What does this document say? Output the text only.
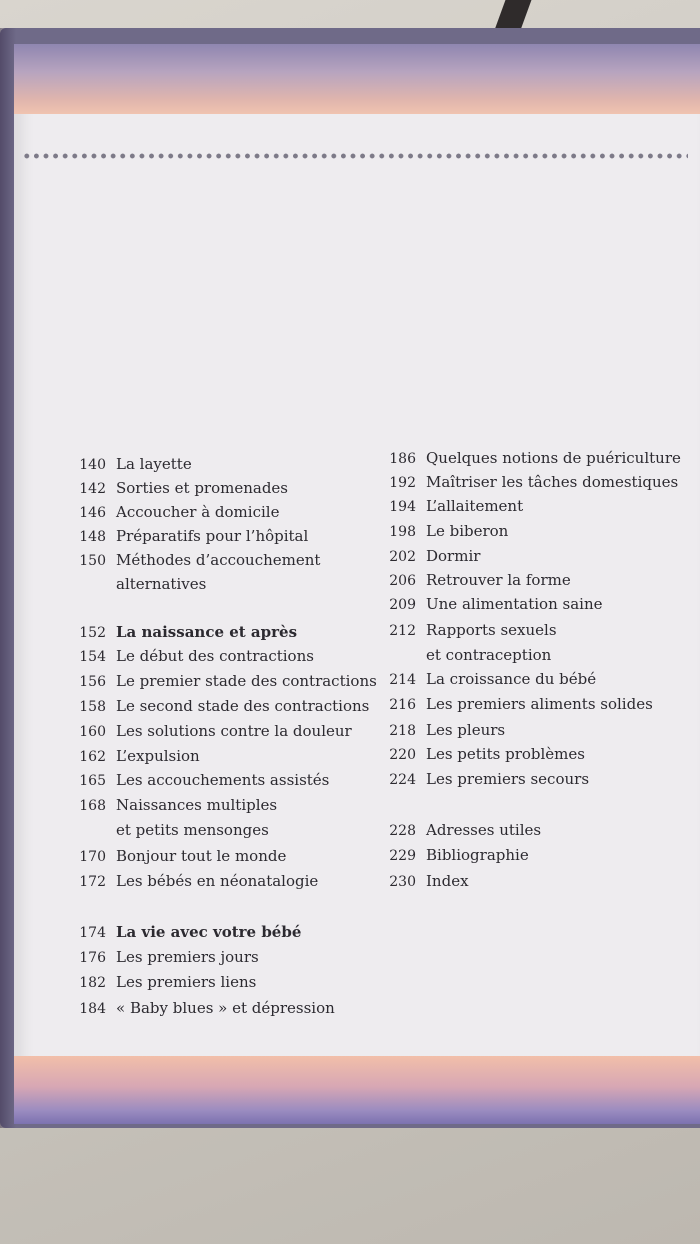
140 La layette
142 Sorties et promenades
146 Accoucher à domicile
148 Préparatifs pour l’hôpital
150 Méthodes d’accouchement
alternatives
152 La naissance et après
154 Le début des contractions
156 Le premier stade des contractions
158 Le second stade des contractions
160 Les solutions contre la douleur
162 L’expulsion
165 Les accouchements assistés
168 Naissances multiples
et petits mensonges
170 Bonjour tout le monde
172 Les bébés en néonatalogie
174 La vie avec votre bébé
176 Les premiers jours
182 Les premiers liens
184 « Baby blues » et dépression
186 Quelques notions de puériculture
192 Maîtriser les tâches domestiques
194 L’allaitement
198 Le biberon
202 Dormir
206 Retrouver la forme
209 Une alimentation saine
212 Rapports sexuels
et contraception
214 La croissance du bébé
216 Les premiers aliments solides
218 Les pleurs
220 Les petits problèmes
224 Les premiers secours
228 Adresses utiles
229 Bibliographie
230 Index
